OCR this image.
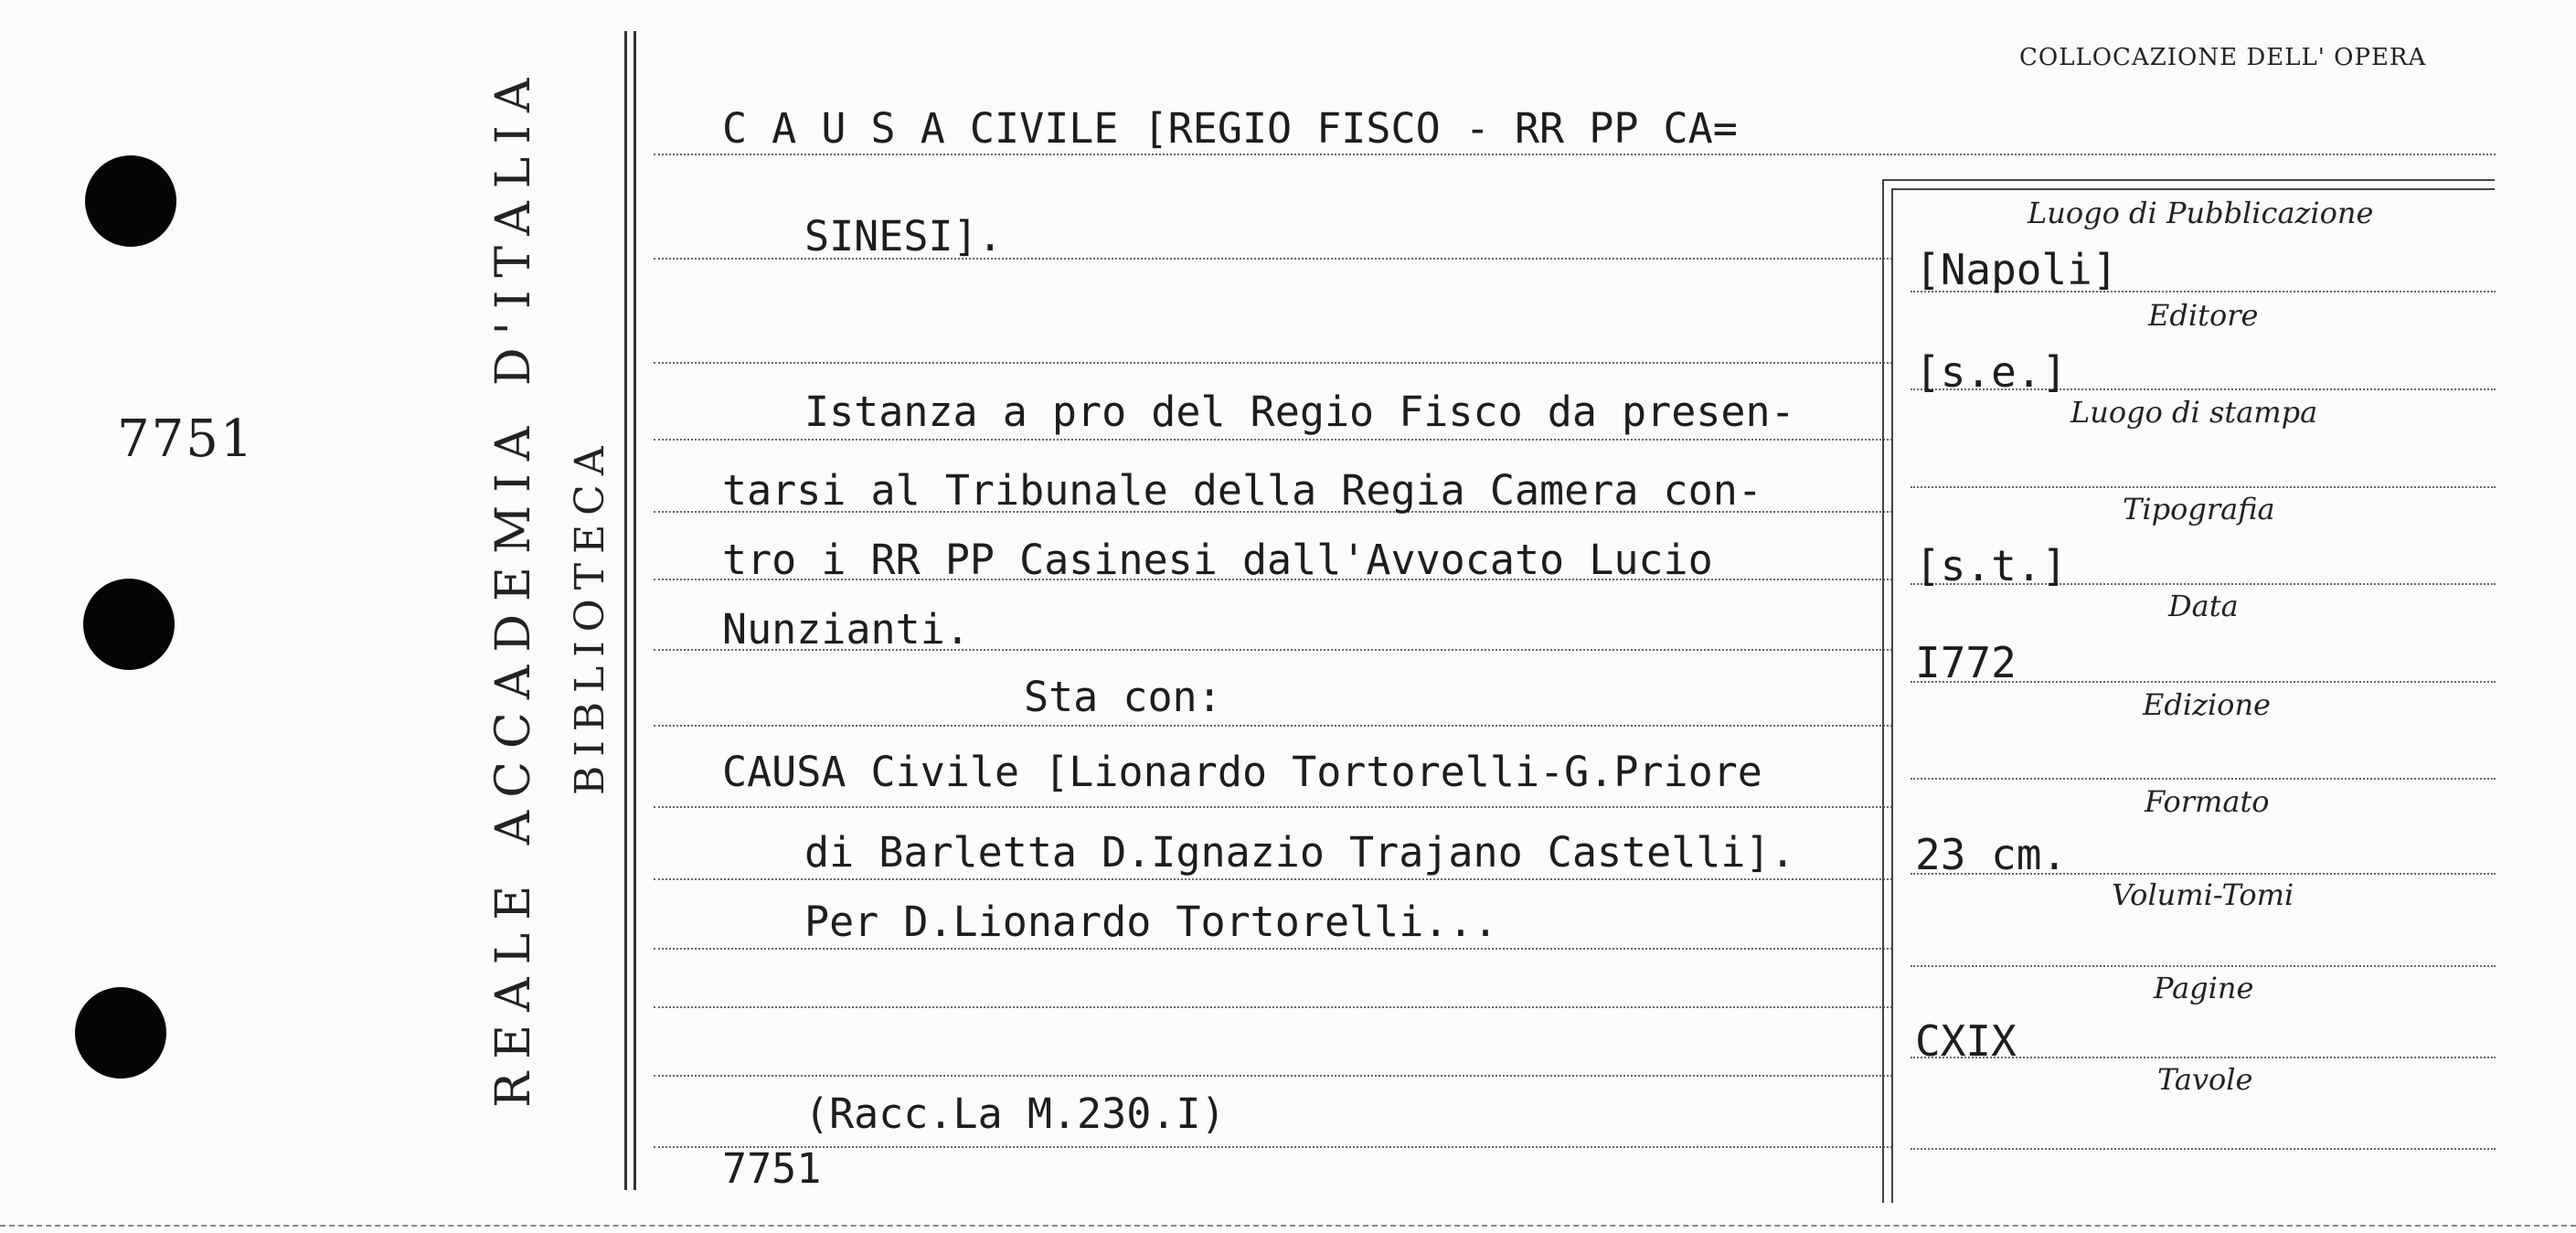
7751	REALE ACCADEMIA D'ITALIA BIBLIOTECA
COLLOCAZIONE DELL' OPERA
C A U S A CIVILE [REGIO FISCO - RR PP CA=
SINESI].
Istanza a pro del Regio Fisco da presen-
tarsi al Tribunale della Regia Camera con-
tro i RR PP Casinesi dall'Avvocato Lucio
Nunzianti.
Sta con:
CAUSA Civile [Lionardo Tortorelli-G.Priore
di Barletta D.Ignazio Trajano Castelli].
Per D.Lionardo Tortorelli...
(Racc.La M.230.I)
7751
Luogo di Pubblicazione
[Napoli]
Editore
[s.e.]
Luogo di stampa
Tipografia
[s.t.]
Data
I772
Edizione
Formato
23 cm.
Volumi-Tomi
Pagine
CXIX
Tavole
